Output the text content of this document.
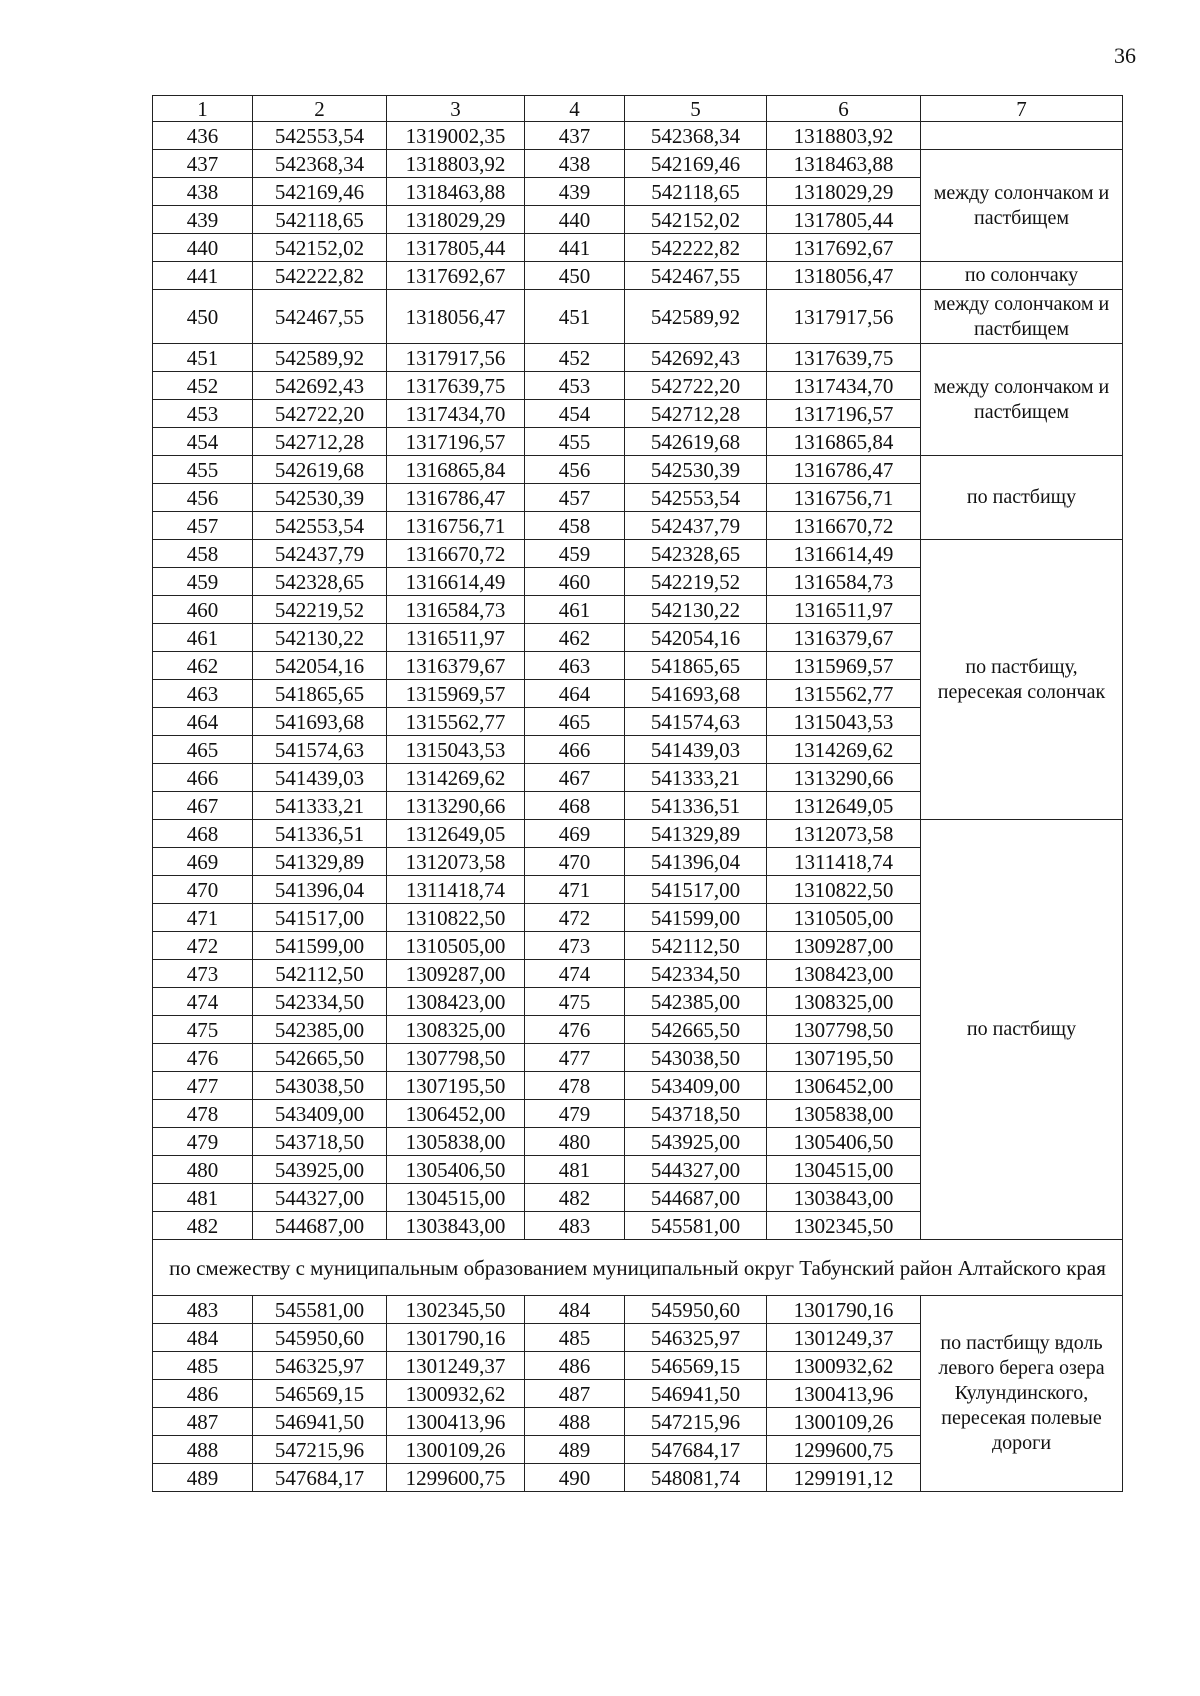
36
1	2	3	4	5	6	7
436	542553,54	1319002,35	437	542368,34	1318803,92	
437	542368,34	1318803,92	438	542169,46	1318463,88	между солончаком и пастбищем
438	542169,46	1318463,88	439	542118,65	1318029,29	
439	542118,65	1318029,29	440	542152,02	1317805,44	
440	542152,02	1317805,44	441	542222,82	1317692,67	
441	542222,82	1317692,67	450	542467,55	1318056,47	по солончаку
450	542467,55	1318056,47	451	542589,92	1317917,56	между солончаком и пастбищем
451	542589,92	1317917,56	452	542692,43	1317639,75	между солончаком и пастбищем
452	542692,43	1317639,75	453	542722,20	1317434,70	
453	542722,20	1317434,70	454	542712,28	1317196,57	
454	542712,28	1317196,57	455	542619,68	1316865,84	
455	542619,68	1316865,84	456	542530,39	1316786,47	по пастбищу
456	542530,39	1316786,47	457	542553,54	1316756,71	
457	542553,54	1316756,71	458	542437,79	1316670,72	
458	542437,79	1316670,72	459	542328,65	1316614,49	по пастбищу, пересекая солончак
459	542328,65	1316614,49	460	542219,52	1316584,73	
460	542219,52	1316584,73	461	542130,22	1316511,97	
461	542130,22	1316511,97	462	542054,16	1316379,67	
462	542054,16	1316379,67	463	541865,65	1315969,57	
463	541865,65	1315969,57	464	541693,68	1315562,77	
464	541693,68	1315562,77	465	541574,63	1315043,53	
465	541574,63	1315043,53	466	541439,03	1314269,62	
466	541439,03	1314269,62	467	541333,21	1313290,66	
467	541333,21	1313290,66	468	541336,51	1312649,05	
468	541336,51	1312649,05	469	541329,89	1312073,58	по пастбищу
469	541329,89	1312073,58	470	541396,04	1311418,74	
470	541396,04	1311418,74	471	541517,00	1310822,50	
471	541517,00	1310822,50	472	541599,00	1310505,00	
472	541599,00	1310505,00	473	542112,50	1309287,00	
473	542112,50	1309287,00	474	542334,50	1308423,00	
474	542334,50	1308423,00	475	542385,00	1308325,00	
475	542385,00	1308325,00	476	542665,50	1307798,50	
476	542665,50	1307798,50	477	543038,50	1307195,50	
477	543038,50	1307195,50	478	543409,00	1306452,00	
478	543409,00	1306452,00	479	543718,50	1305838,00	
479	543718,50	1305838,00	480	543925,00	1305406,50	
480	543925,00	1305406,50	481	544327,00	1304515,00	
481	544327,00	1304515,00	482	544687,00	1303843,00	
482	544687,00	1303843,00	483	545581,00	1302345,50	
по смежеству с муниципальным образованием муниципальный округ Табунский район Алтайского края						
483	545581,00	1302345,50	484	545950,60	1301790,16	по пастбищу вдоль левого берега озера Кулундинского, пересекая полевые дороги
484	545950,60	1301790,16	485	546325,97	1301249,37	
485	546325,97	1301249,37	486	546569,15	1300932,62	
486	546569,15	1300932,62	487	546941,50	1300413,96	
487	546941,50	1300413,96	488	547215,96	1300109,26	
488	547215,96	1300109,26	489	547684,17	1299600,75	
489	547684,17	1299600,75	490	548081,74	1299191,12	
